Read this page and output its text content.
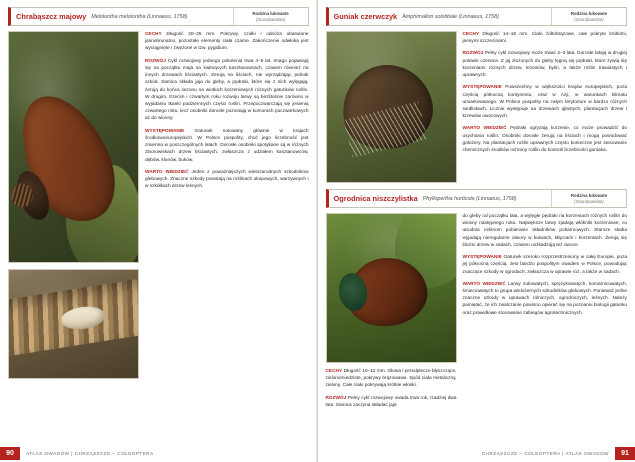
Chrabąszcz majowy Melolontha melolontha (Linnaeus, 1758)	Rodzina łukowate
(Scarabaeidae)

CECHY Długość 20–25 mm. Pokrywy, czułki i odnóża ubarwione jasnobrunatno, pozostałe elementy ciała czarne. Zakończenie odwłoka jest wyciągnięte i zwężone w tzw. pygidium.

ROZWÓJ Cykl rozwojowy jednego pokolenia trwa 4–5 lat. Imago pojawiają się na początku maja na kwitnących kasztanowcach, czasem również na innych drzewach liściastych. Zerują na liściach, nie wyrządzając jednak szkód. Samica składa jaja do gleby, a pędraki, które się z nich wylęgają, żerują do końca sezonu na wiotkich korzeniowych różnych gatunków roślin. W drugim, trzecim i czwartym roku rozwoju larwy są bezlitośnie zarówno w wyjadaniu tkanki podziemnych części roślin. Przepoczwarczają się jesienią czwartego roku, lecz osobniki dorosłe pozostają w komorach poczwarkowych aż do wiosny.

WYSTĘPOWANIE Gatunek notowany głównie w krajach środkowoeuropejskich. W Polsce pospolity, choć jego liczebność jest zmienna w poszczególnych latach. Dorosłe osobniki spotykane są w różnych zbiorowiskach drzew liściastych, zwłaszcza z udziałem kasztanowców, dębów, klonów, buków.

WARTO WIEDZIEĆ Jeden z poważniejszych wielozarodnych szkodników glebowych. Znaczne szkody powstają na roślinach okopowych, warzywnych i w szkółkach drzew leśnych.

90	ATLAS OWADÓW | CHRZĄSZCZE – COLEOPTERA
Guniak czerwczyk Amphimallon solstitiale (Linnaeus, 1758)	Rodzina łukowate
(Scarabaeidae)

CECHY Długość 14–18 mm. Ciało żółtobrązowe, całe pokryte krótkimi, jasnymi szczecinami.

ROZWÓJ Pełny cykl rozwojowy może trwać 2–3 lata. Dorosłe latają w drugiej połowie czerwca. Z jaj złożonych do gleby lęgną się pędraki, które żywią się korzeniami różnych drzew, krzewów, bylin, a także roślin trawiastych i uprawnych.

WYSTĘPOWANIE Powszechny w większości krajów europejskich, poza częścią północną kontynentu, oraz w Azji, w warunkach klimatu umiarkowanego. W Polsce pospolity na całym terytorium w bardzo różnych siedliskach. Licznie występuje na drzewach iglastych, plantacjach drzew i krzewów owocowych.

WARTO WIEDZIEĆ Pędraki ogryzają korzenie, co może prowadzić do usychania roślin. Osobniki dorosłe żerują na liściach i mogą powodować gołożery. Na plantacjach roślin uprawnych często konieczne jest stosowanie chemicznych środków ochrony roślin do kontroli liczebności guniaka.

Ogrodnica niszczylistka Phyllopertha horticola (Linnaeus, 1758)	Rodzina łukowate
(Scarabaeidae)

CECHY Długość 10–12 mm. Głowa i przedplecze błyszczące, zielonomiedziste, pokrywy brązowawe. Spód ciała metaliczny, zielony. Całe ciało pokrywają krótkie włoski.

ROZWÓJ Pełny cykl rozwojowy owada trwa rok, rzadziej dwa lata. Samica zaczyna składać jaja

do gleby od początku lata, a wylęgłe pędraki na korzeniach różnych roślin do wiosny następnego roku. Największe larwy zjadają włókniki korzeniowe, co utrudnia roślinom pobieranie składników pokarmowych. Starsze stadia wyjadają nieregularne otwory w bulwach, kłączach i korzeniach. Żerują się liścimi drzew w sadach, czasem uszkadzają też owoce.

WYSTĘPOWANIE Gatunek szeroko rozprzestrzeniony w całej Europie, poza jej północną częścią. Jest bardzo pospolitym owadem w Polsce, powodując znaczące szkody w ogrodach, zwłaszcza w uprawie róż, a także w sadach.

WARTO WIEDZIEĆ Larwy żukowatych, sprężykowatych, komarnicowatych, śmieciowatych to grupa wielożernych szkodników glebowych. Ponieważ jedne znaczne szkody w uprawach rolniczych, ogrodniczych, leśnych. Należy pamiętać, że ich zwalczanie powinno opierać się na poznaniu biologii gatunku oraz prawidłowe stosowanie zabiegów agrotechnicznych.

CHRZĄSZCZE – COLEOPTERA | ATLAS OWADÓW	91
